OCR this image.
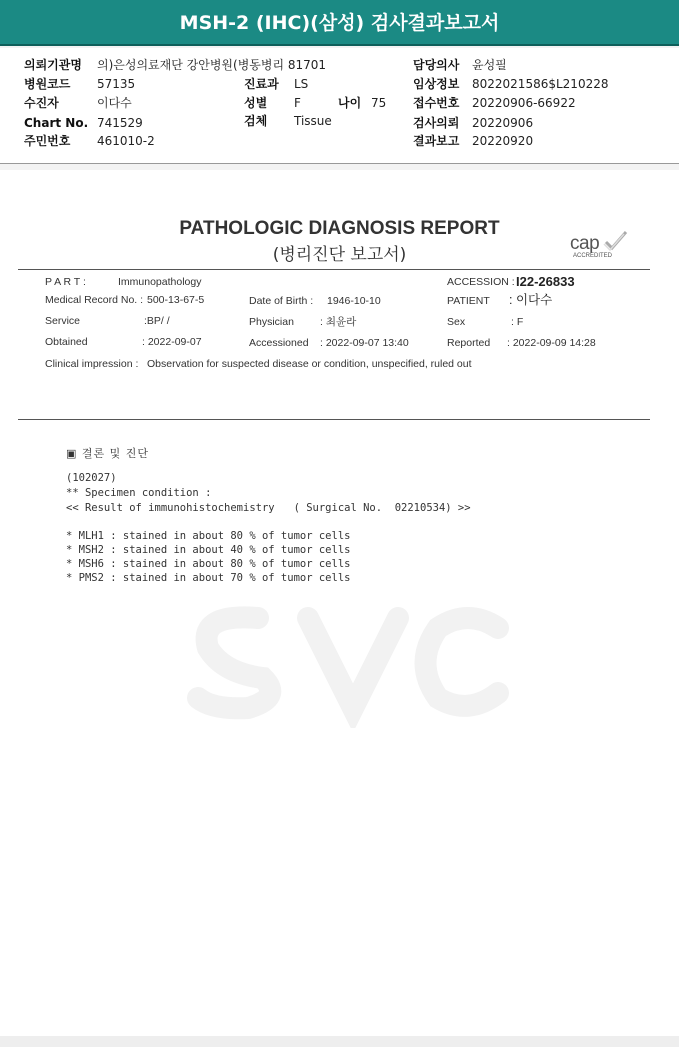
MSH-2 (IHC)(삼성) 검사결과보고서
의뢰기관명 의)은성의료재단 강안병원(병동병리 81701
병원코드 57135
수진자	이다수
Chart No. 741529
주민번호 461010-2
진료과 LS
성별 F	나이 75
검체 Tissue
담당의사 윤성필
임상정보 8022021586$L210228
접수번호 20220906-66922
검사의뢰 20220906
결과보고 20220920
PATHOLOGIC DIAGNOSIS REPORT
(병리진단 보고서)
cap
ACCREDITED
P A R T :	Immunopathology	ACCESSION : I22-26833
Medical Record No. : 500-13-67-5	Date of Birth : 1946-10-10	PATIENT : 이다수
Service	:BP/ /	Physician : 최윤라	Sex	: F
Obtained	: 2022-09-07	Accessioned : 2022-09-07 13:40	Reported : 2022-09-09 14:28
Clinical impression : Observation for suspected disease or condition, unspecified, ruled out
▣ 결론 및 진단
(102027)
** Specimen condition :
<< Result of immunohistochemistry   ( Surgical No.  02210534) >>
* MLH1 : stained in about 80 % of tumor cells
* MSH2 : stained in about 40 % of tumor cells
* MSH6 : stained in about 80 % of tumor cells
* PMS2 : stained in about 70 % of tumor cells
